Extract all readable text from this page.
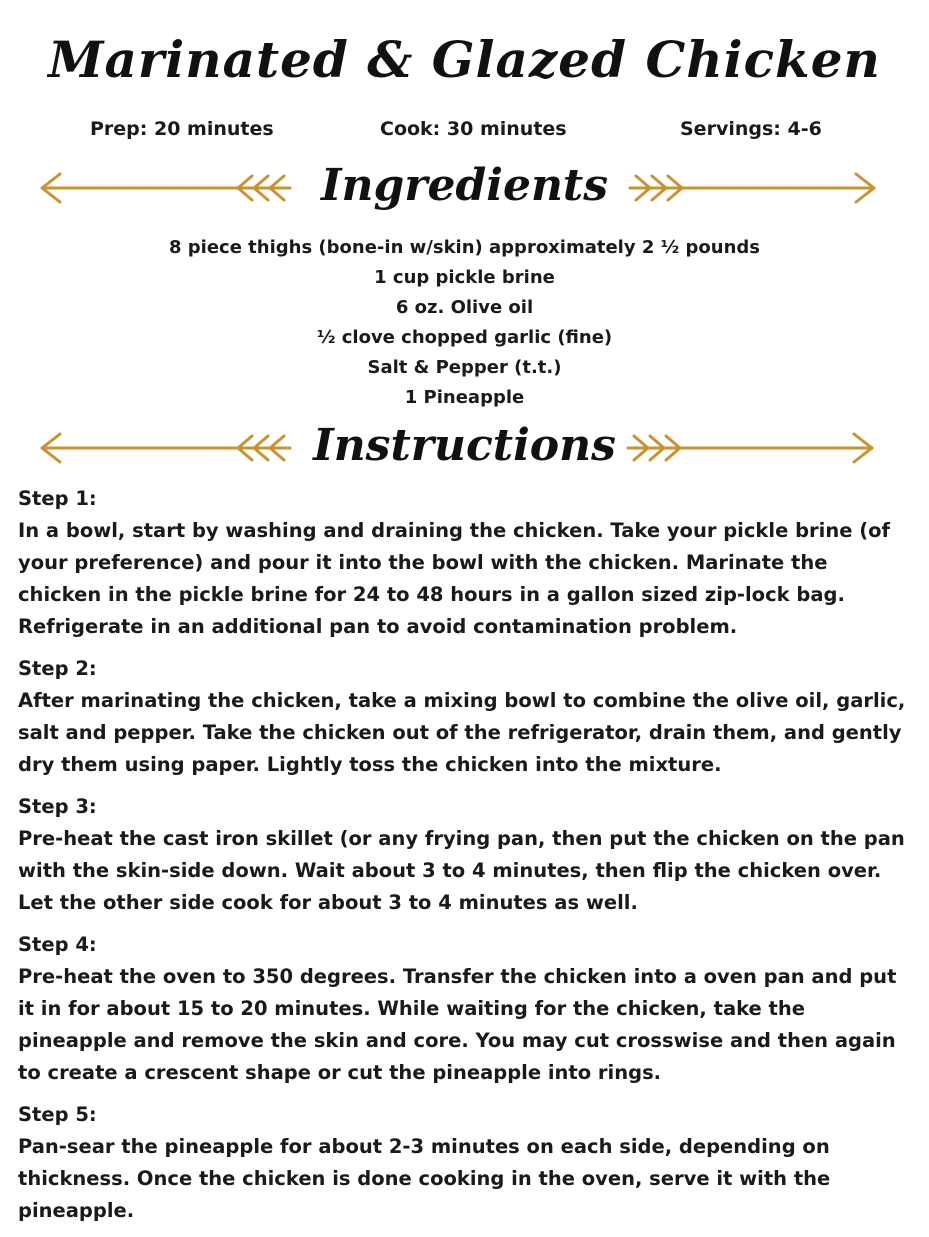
Marinated & Glazed Chicken
Prep: 20 minutes	Cook: 30 minutes	Servings: 4-6
Ingredients
8 piece thighs (bone-in w/skin) approximately 2 ½ pounds
1 cup pickle brine
6 oz. Olive oil
½ clove chopped garlic (fine)
Salt & Pepper (t.t.)
1 Pineapple
Instructions
Step 1:
In a bowl, start by washing and draining the chicken. Take your pickle brine (of your preference) and pour it into the bowl with the chicken. Marinate the chicken in the pickle brine for 24 to 48 hours in a gallon sized zip-lock bag. Refrigerate in an additional pan to avoid contamination problem.
Step 2:
After marinating the chicken, take a mixing bowl to combine the olive oil, garlic, salt and pepper. Take the chicken out of the refrigerator, drain them, and gently dry them using paper. Lightly toss the chicken into the mixture.
Step 3:
Pre-heat the cast iron skillet (or any frying pan, then put the chicken on the pan with the skin-side down. Wait about 3 to 4 minutes, then flip the chicken over. Let the other side cook for about 3 to 4 minutes as well.
Step 4:
Pre-heat the oven to 350 degrees. Transfer the chicken into a oven pan and put it in for about 15 to 20 minutes. While waiting for the chicken, take the pineapple and remove the skin and core. You may cut crosswise and then again to create a crescent shape or cut the pineapple into rings.
Step 5:
Pan-sear the pineapple for about 2-3 minutes on each side, depending on thickness. Once the chicken is done cooking in the oven, serve it with the pineapple.
